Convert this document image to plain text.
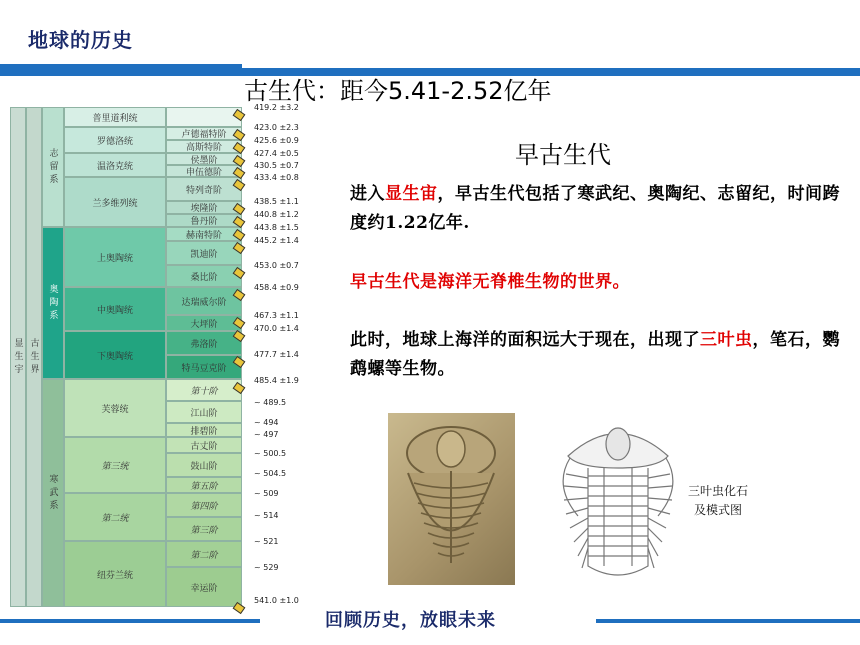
地球的历史
古生代：距今5.41-2.52亿年
显生宇 古生界
志留系
奥陶系
寒武系
普里道利统
罗德洛统
温洛克统
兰多维列统
卢德福特阶
高斯特阶
侯墨阶
申伍德阶
特列奇阶
埃隆阶
鲁丹阶
上奥陶统
中奥陶统
下奥陶统
赫南特阶
凯迪阶
桑比阶
达瑞威尔阶
大坪阶
弗洛阶
特马豆克阶
芙蓉统
第三统
第二统
纽芬兰统
第十阶
江山阶
排碧阶
古丈阶
鼓山阶
第五阶
第四阶
第三阶
第二阶
幸运阶
419.2 ±3.2
423.0 ±2.3
425.6 ±0.9
427.4 ±0.5
430.5 ±0.7
433.4 ±0.8
438.5 ±1.1
440.8 ±1.2
443.8 ±1.5
445.2 ±1.4
453.0 ±0.7
458.4 ±0.9
467.3 ±1.1
470.0 ±1.4
477.7 ±1.4
485.4 ±1.9
~ 489.5
~ 494
~ 497
~ 500.5
~ 504.5
~ 509
~ 514
~ 521
~ 529
541.0 ±1.0
早古生代
进入显生宙，早古生代包括了寒武纪、奥陶纪、志留纪，时间跨度约1.22亿年.
早古生代是海洋无脊椎生物的世界。
此时，地球上海洋的面积远大于现在，出现了三叶虫，笔石，鹦鹉螺等生物。
三叶虫化石
及模式图
回顾历史，放眼未来
